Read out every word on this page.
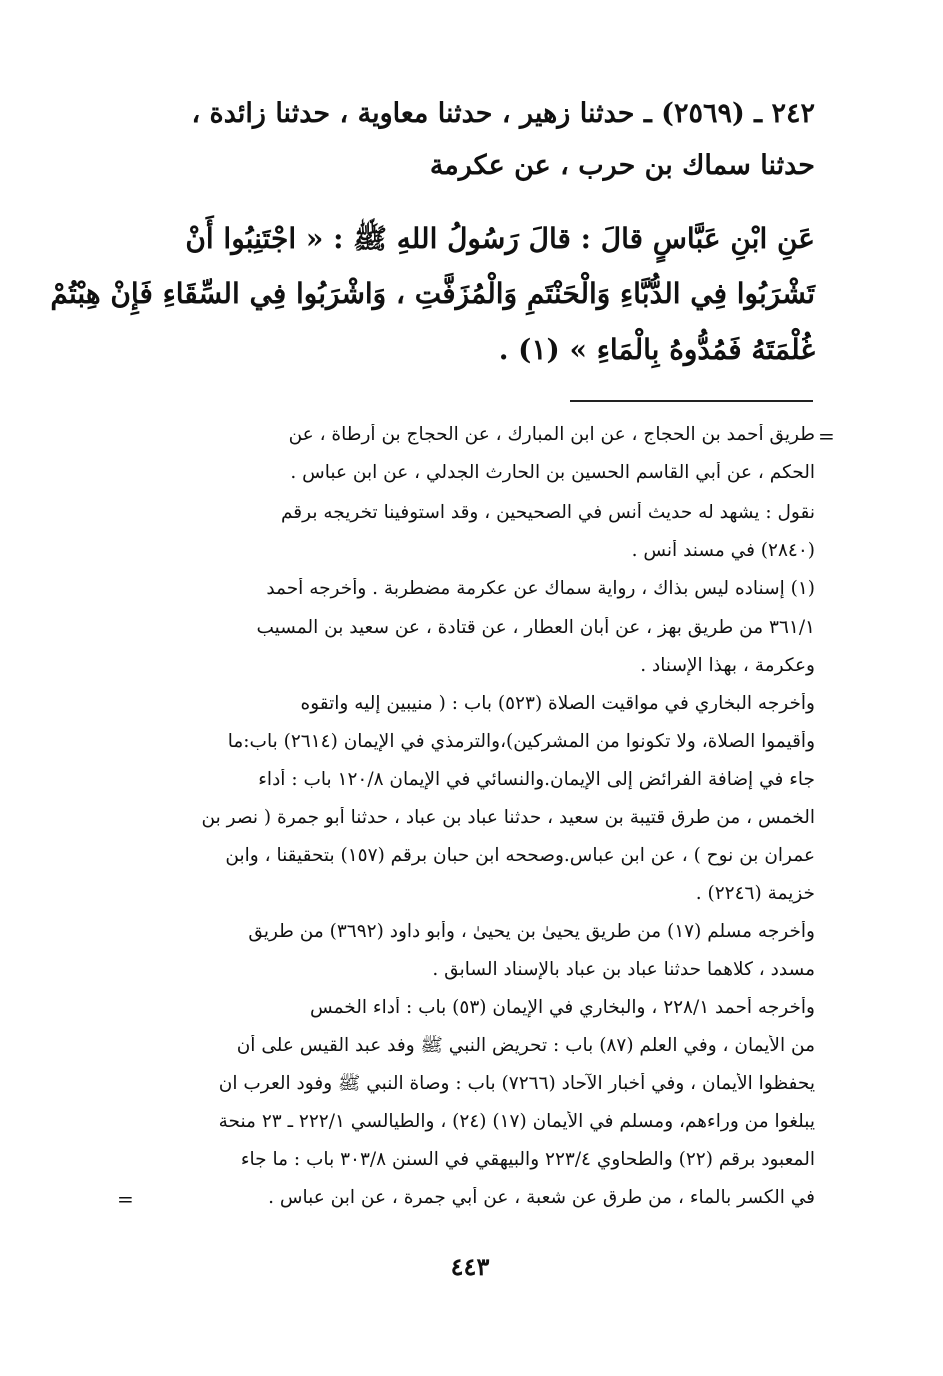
٢٤٢ ـ (٢٥٦٩) ـ حدثنا زهير ، حدثنا معاوية ، حدثنا زائدة ،
حدثنا سماك بن حرب ، عن عكرمة
عَنِ ابْنِ عَبَّاسٍ قالَ : قالَ رَسُولُ اللهِ ﷺ : « اجْتَنِبُوا أَنْ
تَشْرَبُوا فِي الدُّبَّاءِ وَالْحَنْتَمِ وَالْمُزَفَّتِ ، وَاشْرَبُوا فِي السِّقَاءِ فَإِنْ هِبْتُمْ
غُلْمَتَهُ فَمُدُّوهُ بِالْمَاءِ » (١) .
=
طريق أحمد بن الحجاج ، عن ابن المبارك ، عن الحجاج بن أرطاة ، عن
الحكم ، عن أبي القاسم الحسين بن الحارث الجدلي ، عن ابن عباس .
نقول : يشهد له حديث أنس في الصحيحين ، وقد استوفينا تخريجه برقم
(٢٨٤٠) في مسند أنس .
(١) إسناده ليس بذاك ، رواية سماك عن عكرمة مضطربة . وأخرجه أحمد
٣٦١/١ من طريق بهز ، عن أبان العطار ، عن قتادة ، عن سعيد بن المسيب
وعكرمة ، بهذا الإسناد .
وأخرجه البخاري في مواقيت الصلاة (٥٢٣) باب : ( منيبين إليه واتقوه
وأقيموا الصلاة، ولا تكونوا من المشركين)،والترمذي في الإيمان (٢٦١٤) باب:ما
جاء في إضافة الفرائض إلى الإيمان.والنسائي في الإيمان ١٢٠/٨ باب : أداء
الخمس ، من طرق قتيبة بن سعيد ، حدثنا عباد بن عباد ، حدثنا أبو جمرة ( نصر بن
عمران بن نوح ) ، عن ابن عباس.وصححه ابن حبان برقم (١٥٧) بتحقيقنا ، وابن
خزيمة (٢٢٤٦) .
وأخرجه مسلم (١٧) من طريق يحيىٰ بن يحيىٰ ، وأبو داود (٣٦٩٢) من طريق
مسدد ، كلاهما حدثنا عباد بن عباد بالإسناد السابق .
وأخرجه أحمد ٢٢٨/١ ، والبخاري في الإيمان (٥٣) باب : أداء الخمس
من الأيمان ، وفي العلم (٨٧) باب : تحريض النبي ﷺ وفد عبد القيس على أن
يحفظوا الأيمان ، وفي أخبار الآحاد (٧٢٦٦) باب : وصاة النبي ﷺ وفود العرب ان
يبلغوا من وراءهم، ومسلم في الأيمان (١٧) (٢٤) ، والطيالسي ٢٢٢/١ ـ ٢٣ منحة
المعبود برقم (٢٢) والطحاوي ٢٢٣/٤ والبيهقي في السنن ٣٠٣/٨ باب : ما جاء
في الكسر بالماء ، من طرق عن شعبة ، عن أبي جمرة ، عن ابن عباس .
=
٤٤٣
